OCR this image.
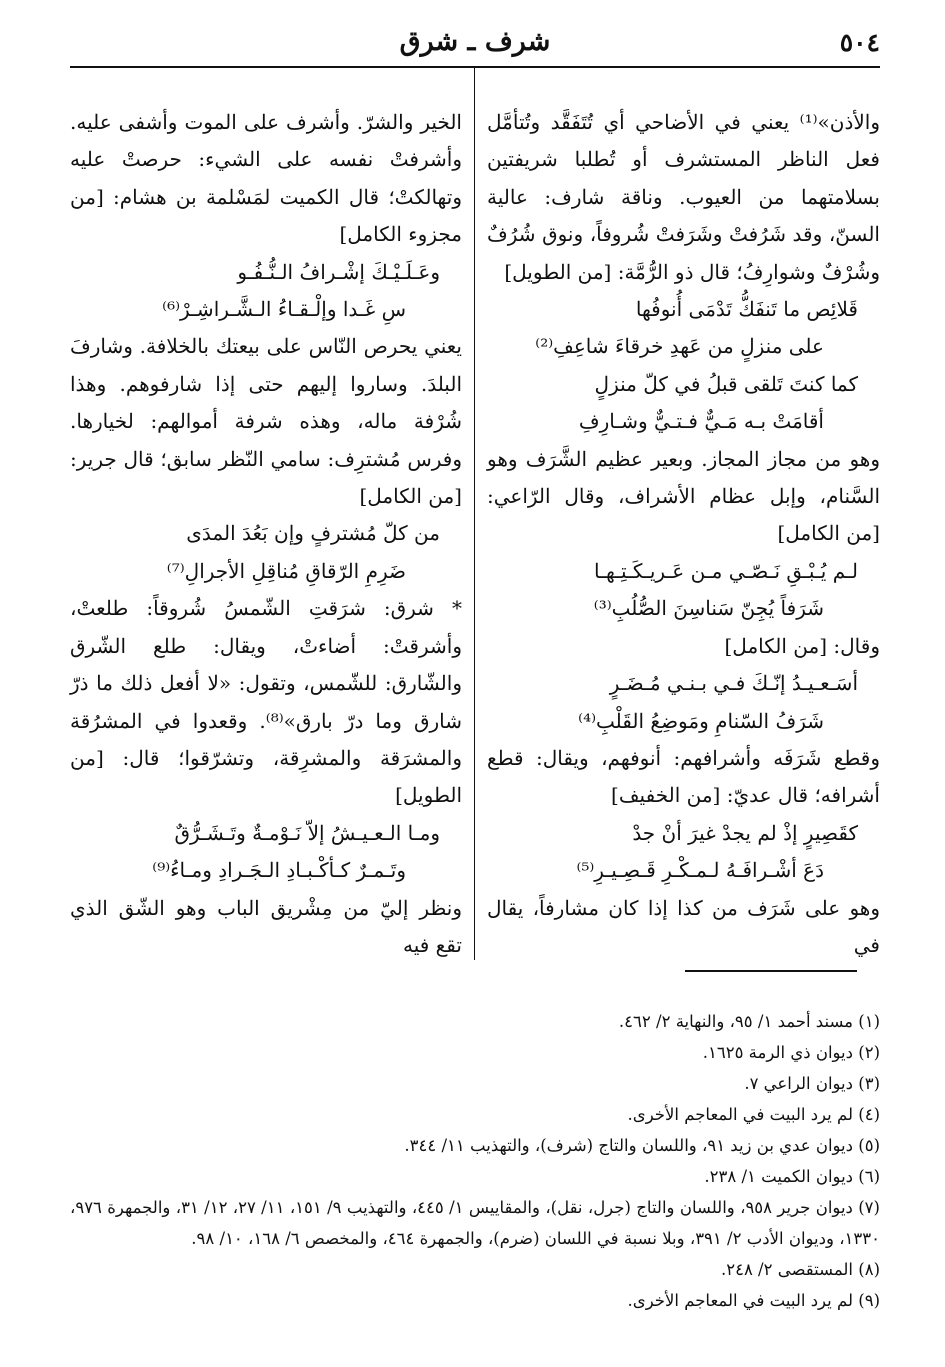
٥٠٤
شرف ـ شرق

والأذن»⁽¹⁾ يعني في الأضاحي أي تُتَفَقَّد وتُتأمَّل فعل الناظر المستشرف أو تُطلبا شريفتين بسلامتهما من العيوب. وناقة شارف: عالية السنّ، وقد شَرُفتْ وشَرَفتْ شُروفاً، ونوق شُرُفٌ وشُرْفٌ وشوارِفُ؛ قال ذو الرُّمَّة: [من الطويل]

قَلائِص ما تَنفَكُّ تَدْمَى أُنوفُها

على منزلٍ من عَهدِ خرقاءَ شاعِفِ⁽²⁾

كما كنتَ تَلقى قبلُ في كلّ منزلٍ

أقامَتْ بـه مَـيٌّ فـتـيٌّ وشـارِفِ

وهو من مجاز المجاز. وبعير عظيم الشَّرَف وهو السَّنام، وإبل عظام الأشراف، وقال الرّاعي: [من الكامل]

لـم يُـبْـقِ نَـصّـي مـن عَـريـكَـتِـهـا

شَرَفاً يُجِنّ سَناسِنَ الصُّلُبِ⁽³⁾

وقال: [من الكامل]

أسَـعـيـدُ إنّـكَ فـي بـنـي مُـضَـرٍ

شَرَفُ السّنامِ ومَوضِعُ القَلْبِ⁽⁴⁾

وقطع شَرَفَه وأشرافهم: أنوفهم، ويقال: قطع أشرافه؛ قال عديّ: [من الخفيف]

كقَصِيرٍ إذْ لم يجدْ غيرَ أنْ جدْ

دَعَ أشْـرافَـهُ لـمـكْـرِ قَـصِـيـرِ⁽⁵⁾

وهو على شَرَف من كذا إذا كان مشارفاً، يقال في

الخير والشرّ. وأشرف على الموت وأشفى عليه. وأشرفتْ نفسه على الشيء: حرصتْ عليه وتهالكتْ؛ قال الكميت لمَسْلمة بن هشام: [من مجزوء الكامل]

وعَـلَـيْـكَ إشْـرافُ الـنُّـفُـو

سِ غَـدا وإلْـقـاءُ الـشَّـراشِـرْ⁽⁶⁾

يعني يحرص النّاس على بيعتك بالخلافة. وشارفَ البلدَ. وساروا إليهم حتى إذا شارفوهم. وهذا شُرْفة ماله، وهذه شرفة أموالهم: لخيارها. وفرس مُشترِف: سامي النّظر سابق؛ قال جرير: [من الكامل]

من كلّ مُشترفٍ وإن بَعُدَ المدَى

ضَرِمِ الرّقاقِ مُناقِلِ الأجرالِ⁽⁷⁾

* شرق: شرَقتِ الشّمسُ شُروقاً: طلعتْ، وأشرقتْ: أضاءتْ، ويقال: طلع الشّرق والشّارق: للشّمس، وتقول: «لا أفعل ذلك ما ذرّ شارق وما درّ بارق»⁽⁸⁾. وقعدوا في المشرُقة والمشرَقة والمشرِقة، وتشرّقوا؛ قال: [من الطويل]

ومـا الـعـيـشُ إلاّ نَـوْمـةٌ وتَـشَـرُّقٌ

وتَـمـرٌ كـأكْـبـادِ الـجَـرادِ ومـاءُ⁽⁹⁾

ونظر إليّ من مِشْريق الباب وهو الشّق الذي تقع فيه

(١) مسند أحمد ١/ ٩٥، والنهاية ٢/ ٤٦٢.

(٢) ديوان ذي الرمة ١٦٢٥.

(٣) ديوان الراعي ٧.

(٤) لم يرد البيت في المعاجم الأخرى.

(٥) ديوان عدي بن زيد ٩١، واللسان والتاج (شرف)، والتهذيب ١١/ ٣٤٤.

(٦) ديوان الكميت ١/ ٢٣٨.

(٧) ديوان جرير ٩٥٨، واللسان والتاج (جرل، نقل)، والمقاييس ١/ ٤٤٥، والتهذيب ٩/ ١٥١، ١١/ ٢٧، ١٢/ ٣١، والجمهرة ٩٧٦، ١٣٣٠، وديوان الأدب ٢/ ٣٩١، وبلا نسبة في اللسان (ضرم)، والجمهرة ٤٦٤، والمخصص ٦/ ١٦٨، ١٠/ ٩٨.

(٨) المستقصى ٢/ ٢٤٨.

(٩) لم يرد البيت في المعاجم الأخرى.
